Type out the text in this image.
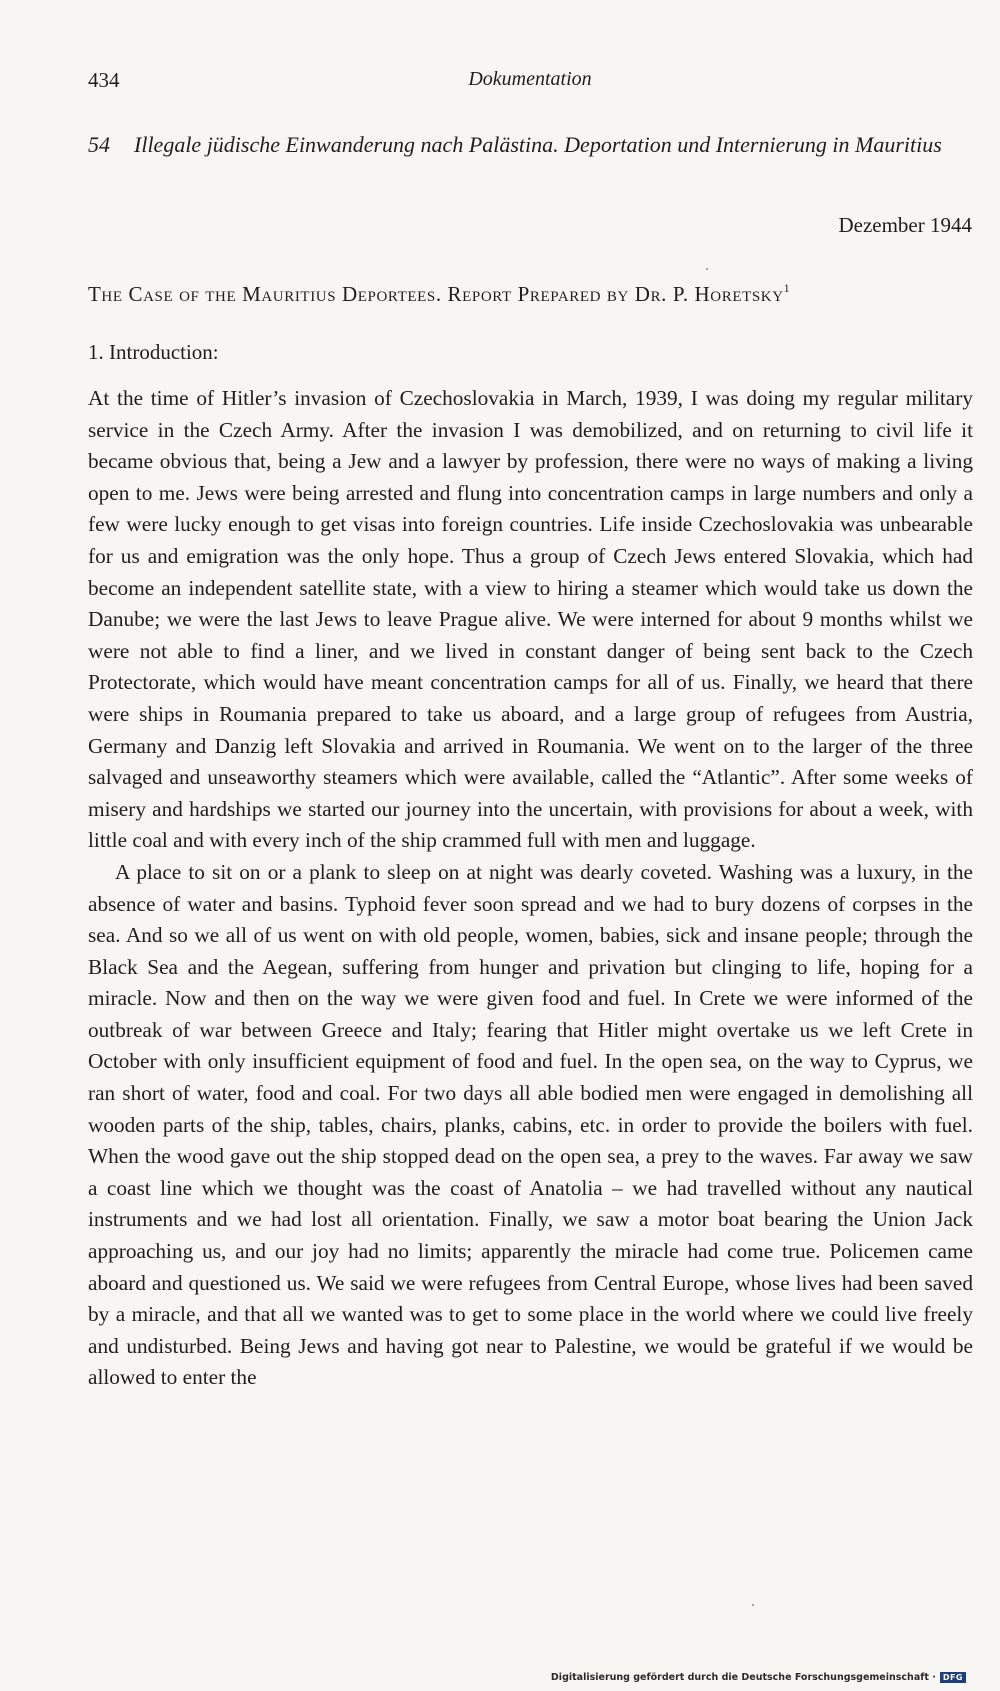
434	Dokumentation
54 Illegale jüdische Einwanderung nach Palästina. Deportation und Internierung in Mauritius
Dezember 1944
The Case of the Mauritius Deportees. Report Prepared by Dr. P. Horetsky$^1$
1. Introduction:

At the time of Hitler’s invasion of Czechoslovakia in March, 1939, I was doing my regular military service in the Czech Army. After the invasion I was demobilized, and on returning to civil life it became obvious that, being a Jew and a lawyer by profession, there were no ways of making a living open to me. Jews were being arrested and flung into concentration camps in large numbers and only a few were lucky enough to get visas into foreign countries. Life inside Czechoslovakia was unbearable for us and emigration was the only hope. Thus a group of Czech Jews entered Slovakia, which had become an independent satellite state, with a view to hiring a steamer which would take us down the Danube; we were the last Jews to leave Prague alive. We were interned for about 9 months whilst we were not able to find a liner, and we lived in constant danger of being sent back to the Czech Protectorate, which would have meant concentration camps for all of us. Finally, we heard that there were ships in Roumania prepared to take us aboard, and a large group of refugees from Austria, Germany and Danzig left Slovakia and arrived in Roumania. We went on to the larger of the three salvaged and unseaworthy steamers which were available, called the “Atlantic”. After some weeks of misery and hardships we started our journey into the uncertain, with provisions for about a week, with little coal and with every inch of the ship crammed full with men and luggage.

A place to sit on or a plank to sleep on at night was dearly coveted. Washing was a luxury, in the absence of water and basins. Typhoid fever soon spread and we had to bury dozens of corpses in the sea. And so we all of us went on with old people, women, babies, sick and insane people; through the Black Sea and the Aegean, suffering from hunger and privation but clinging to life, hoping for a miracle. Now and then on the way we were given food and fuel. In Crete we were informed of the outbreak of war between Greece and Italy; fearing that Hitler might overtake us we left Crete in October with only insufficient equipment of food and fuel. In the open sea, on the way to Cyprus, we ran short of water, food and coal. For two days all able bodied men were engaged in demolishing all wooden parts of the ship, tables, chairs, planks, cabins, etc. in order to provide the boilers with fuel. When the wood gave out the ship stopped dead on the open sea, a prey to the waves. Far away we saw a coast line which we thought was the coast of Anatolia – we had travelled without any nautical instruments and we had lost all orientation. Finally, we saw a motor boat bearing the Union Jack approaching us, and our joy had no limits; apparently the miracle had come true. Policemen came aboard and questioned us. We said we were refugees from Central Europe, whose lives had been saved by a miracle, and that all we wanted was to get to some place in the world where we could live freely and undisturbed. Being Jews and having got near to Palestine, we would be grateful if we would be allowed to enter the

Digitalisierung gefördert durch die Deutsche Forschungsgemeinschaft · DFG
